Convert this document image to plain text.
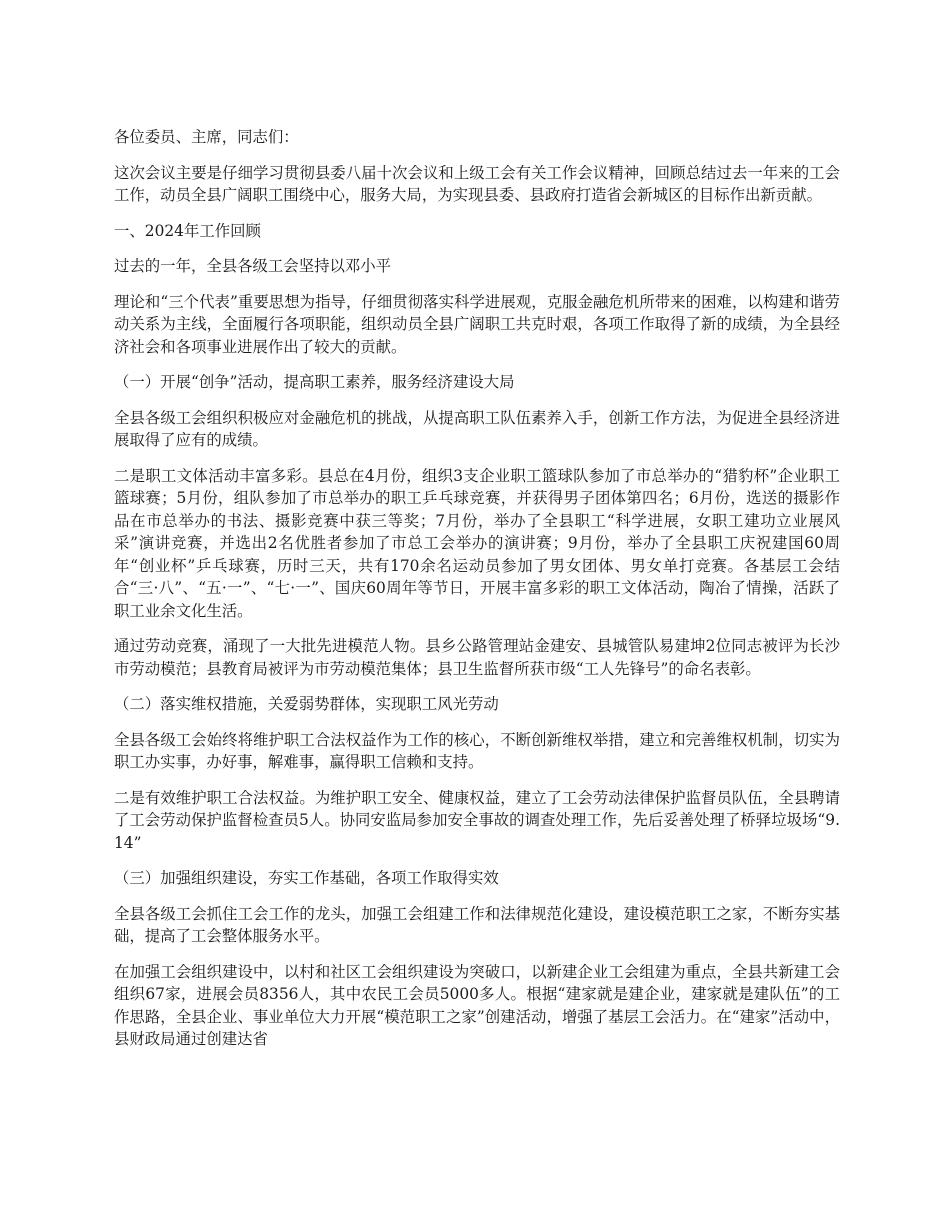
各位委员、主席，同志们：

这次会议主要是仔细学习贯彻县委八届十次会议和上级工会有关工作会议精神，回顾总结过去一年来的工会工作，动员全县广阔职工围绕中心，服务大局，为实现县委、县政府打造省会新城区的目标作出新贡献。

一、2024年工作回顾

过去的一年，全县各级工会坚持以邓小平

理论和“三个代表”重要思想为指导，仔细贯彻落实科学进展观，克服金融危机所带来的困难，以构建和谐劳动关系为主线，全面履行各项职能，组织动员全县广阔职工共克时艰，各项工作取得了新的成绩，为全县经济社会和各项事业进展作出了较大的贡献。

（一）开展“创争”活动，提高职工素养，服务经济建设大局

全县各级工会组织积极应对金融危机的挑战，从提高职工队伍素养入手，创新工作方法，为促进全县经济进展取得了应有的成绩。

二是职工文体活动丰富多彩。县总在4月份，组织3支企业职工篮球队参加了市总举办的“猎豹杯”企业职工篮球赛；5月份，组队参加了市总举办的职工乒乓球竞赛，并获得男子团体第四名；6月份，选送的摄影作品在市总举办的书法、摄影竞赛中获三等奖；7月份，举办了全县职工“科学进展，女职工建功立业展风采”演讲竞赛，并选出2名优胜者参加了市总工会举办的演讲赛；9月份，举办了全县职工庆祝建国60周年“创业杯”乒乓球赛，历时三天，共有170余名运动员参加了男女团体、男女单打竞赛。各基层工会结合“三·八”、“五·一”、“七·一”、国庆60周年等节日，开展丰富多彩的职工文体活动，陶冶了情操，活跃了职工业余文化生活。

通过劳动竞赛，涌现了一大批先进模范人物。县乡公路管理站金建安、县城管队易建坤2位同志被评为长沙市劳动模范；县教育局被评为市劳动模范集体；县卫生监督所获市级“工人先锋号”的命名表彰。

（二）落实维权措施，关爱弱势群体，实现职工风光劳动

全县各级工会始终将维护职工合法权益作为工作的核心，不断创新维权举措，建立和完善维权机制，切实为职工办实事，办好事，解难事，赢得职工信赖和支持。

二是有效维护职工合法权益。为维护职工安全、健康权益，建立了工会劳动法律保护监督员队伍，全县聘请了工会劳动保护监督检查员5人。协同安监局参加安全事故的调查处理工作，先后妥善处理了桥驿垃圾场“9.14”

（三）加强组织建设，夯实工作基础，各项工作取得实效

全县各级工会抓住工会工作的龙头，加强工会组建工作和法律规范化建设，建设模范职工之家，不断夯实基础，提高了工会整体服务水平。

在加强工会组织建设中，以村和社区工会组织建设为突破口，以新建企业工会组建为重点，全县共新建工会组织67家，进展会员8356人，其中农民工会员5000多人。根据“建家就是建企业，建家就是建队伍”的工作思路，全县企业、事业单位大力开展“模范职工之家”创建活动，增强了基层工会活力。在“建家”活动中，县财政局通过创建达省
